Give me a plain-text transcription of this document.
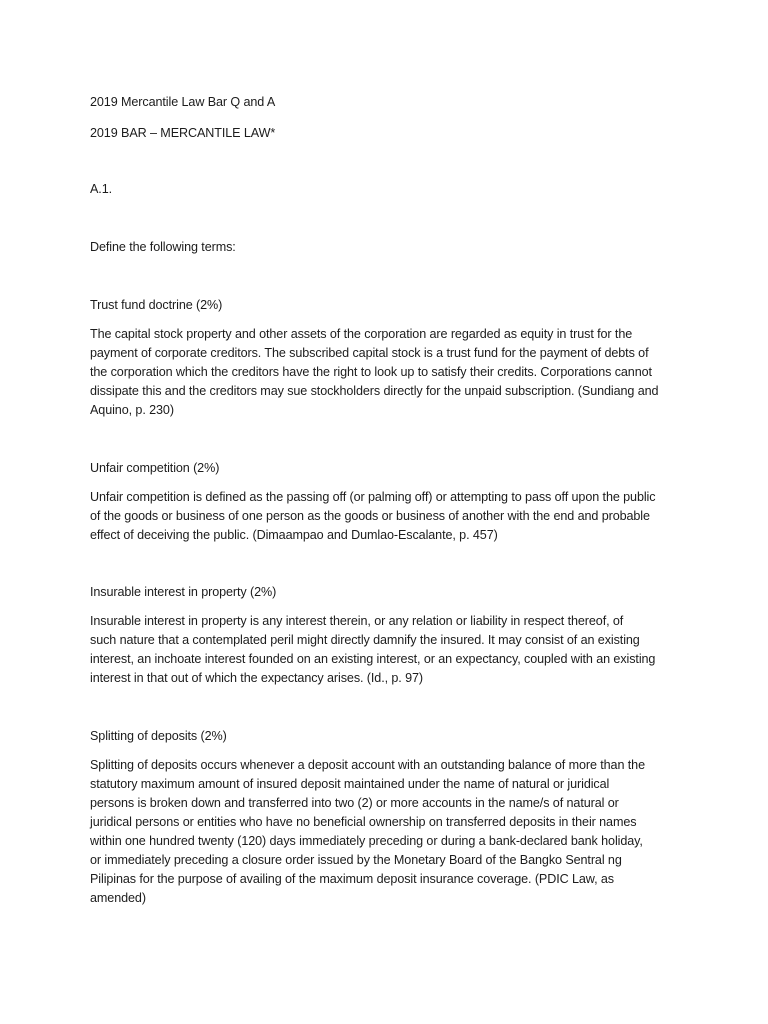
2019 Mercantile Law Bar Q and A
2019 BAR – MERCANTILE LAW*
A.1.
Define the following terms:
Trust fund doctrine (2%)
The capital stock property and other assets of the corporation are regarded as equity in trust for the
payment of corporate creditors. The subscribed capital stock is a trust fund for the payment of debts of
the corporation which the creditors have the right to look up to satisfy their credits. Corporations cannot
dissipate this and the creditors may sue stockholders directly for the unpaid subscription. (Sundiang and
Aquino, p. 230)
Unfair competition (2%)
Unfair competition is defined as the passing off (or palming off) or attempting to pass off upon the public
of the goods or business of one person as the goods or business of another with the end and probable
effect of deceiving the public. (Dimaampao and Dumlao-Escalante, p. 457)
Insurable interest in property (2%)
Insurable interest in property is any interest therein, or any relation or liability in respect thereof, of
such nature that a contemplated peril might directly damnify the insured. It may consist of an existing
interest, an inchoate interest founded on an existing interest, or an expectancy, coupled with an existing
interest in that out of which the expectancy arises. (Id., p. 97)
Splitting of deposits (2%)
Splitting of deposits occurs whenever a deposit account with an outstanding balance of more than the
statutory maximum amount of insured deposit maintained under the name of natural or juridical
persons is broken down and transferred into two (2) or more accounts in the name/s of natural or
juridical persons or entities who have no beneficial ownership on transferred deposits in their names
within one hundred twenty (120) days immediately preceding or during a bank-declared bank holiday,
or immediately preceding a closure order issued by the Monetary Board of the Bangko Sentral ng
Pilipinas for the purpose of availing of the maximum deposit insurance coverage. (PDIC Law, as
amended)
